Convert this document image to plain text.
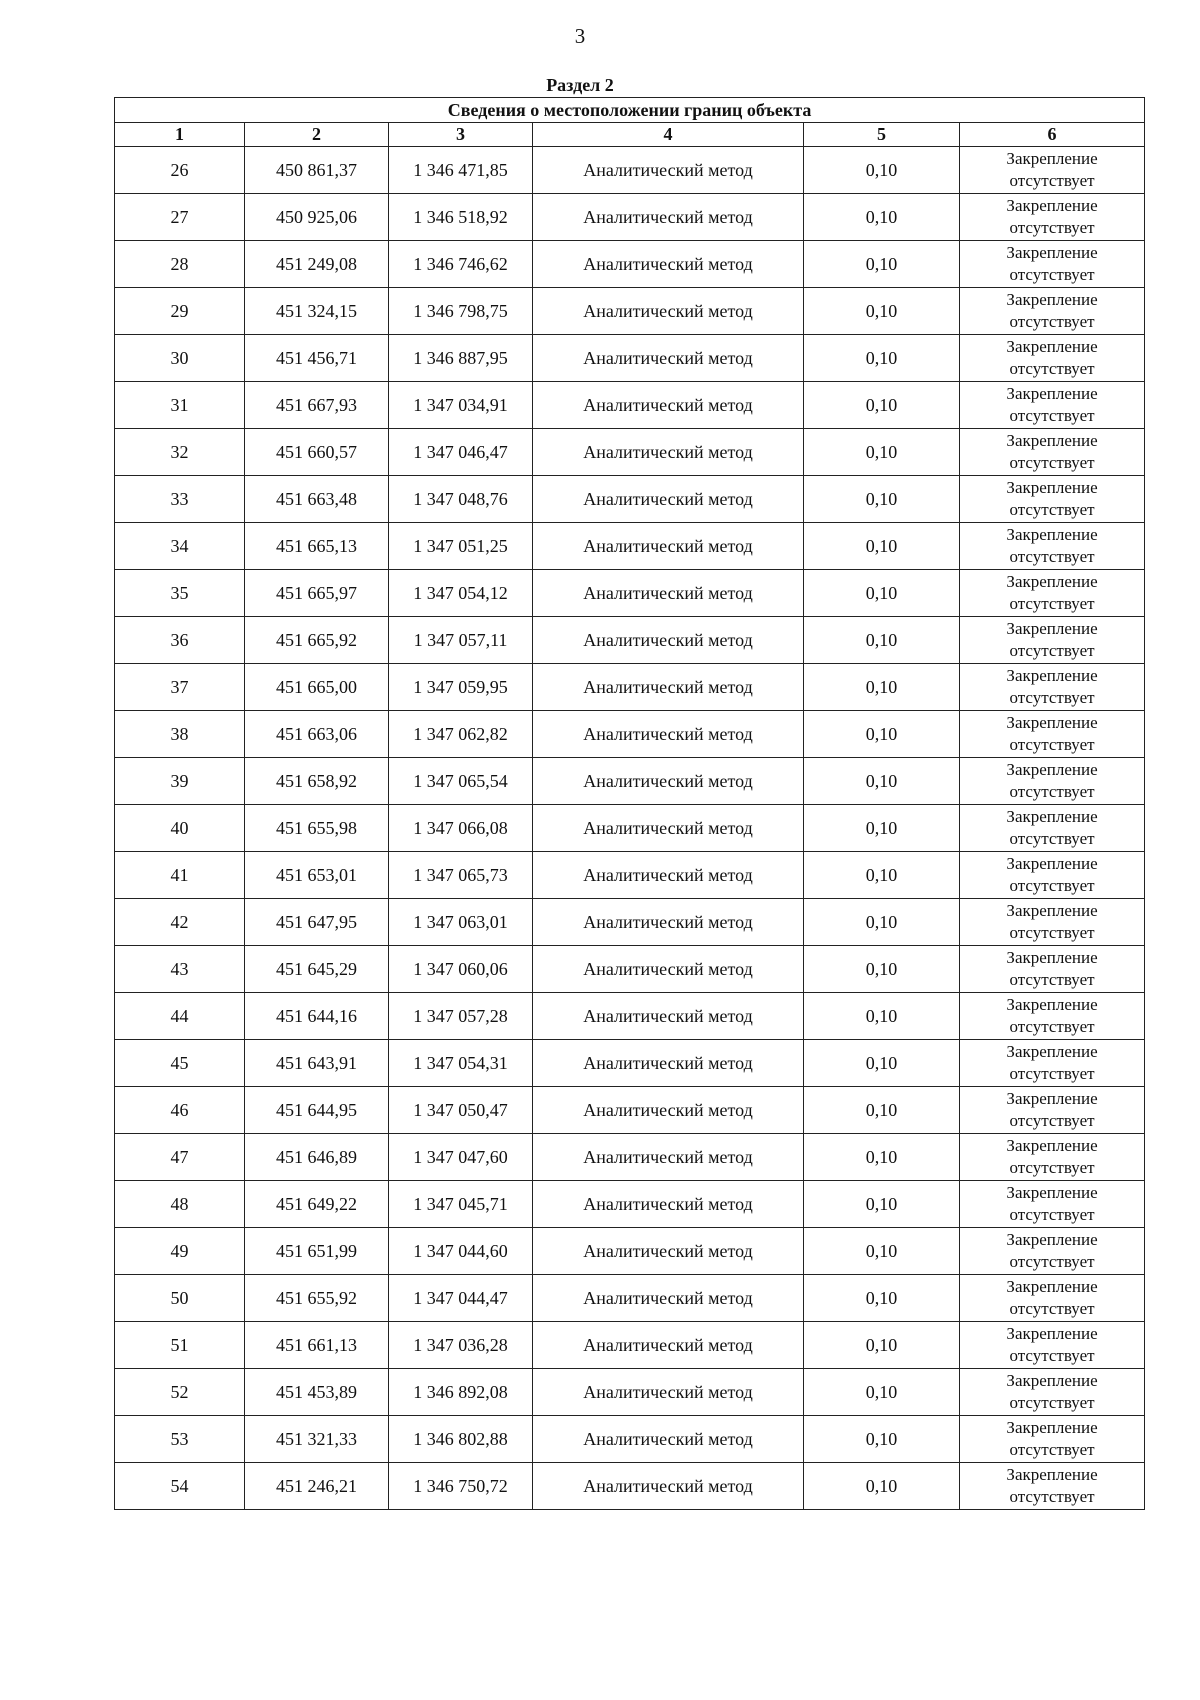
3
Раздел 2
Сведения о местоположении границ объекта					
1	2	3	4	5	6
26	450 861,37	1 346 471,85	Аналитический метод	0,10	Закрепление
отсутствует

27	450 925,06	1 346 518,92	Аналитический метод	0,10	Закрепление
отсутствует

28	451 249,08	1 346 746,62	Аналитический метод	0,10	Закрепление
отсутствует

29	451 324,15	1 346 798,75	Аналитический метод	0,10	Закрепление
отсутствует

30	451 456,71	1 346 887,95	Аналитический метод	0,10	Закрепление
отсутствует

31	451 667,93	1 347 034,91	Аналитический метод	0,10	Закрепление
отсутствует

32	451 660,57	1 347 046,47	Аналитический метод	0,10	Закрепление
отсутствует

33	451 663,48	1 347 048,76	Аналитический метод	0,10	Закрепление
отсутствует

34	451 665,13	1 347 051,25	Аналитический метод	0,10	Закрепление
отсутствует

35	451 665,97	1 347 054,12	Аналитический метод	0,10	Закрепление
отсутствует

36	451 665,92	1 347 057,11	Аналитический метод	0,10	Закрепление
отсутствует

37	451 665,00	1 347 059,95	Аналитический метод	0,10	Закрепление
отсутствует

38	451 663,06	1 347 062,82	Аналитический метод	0,10	Закрепление
отсутствует

39	451 658,92	1 347 065,54	Аналитический метод	0,10	Закрепление
отсутствует

40	451 655,98	1 347 066,08	Аналитический метод	0,10	Закрепление
отсутствует

41	451 653,01	1 347 065,73	Аналитический метод	0,10	Закрепление
отсутствует

42	451 647,95	1 347 063,01	Аналитический метод	0,10	Закрепление
отсутствует

43	451 645,29	1 347 060,06	Аналитический метод	0,10	Закрепление
отсутствует

44	451 644,16	1 347 057,28	Аналитический метод	0,10	Закрепление
отсутствует

45	451 643,91	1 347 054,31	Аналитический метод	0,10	Закрепление
отсутствует

46	451 644,95	1 347 050,47	Аналитический метод	0,10	Закрепление
отсутствует

47	451 646,89	1 347 047,60	Аналитический метод	0,10	Закрепление
отсутствует

48	451 649,22	1 347 045,71	Аналитический метод	0,10	Закрепление
отсутствует

49	451 651,99	1 347 044,60	Аналитический метод	0,10	Закрепление
отсутствует

50	451 655,92	1 347 044,47	Аналитический метод	0,10	Закрепление
отсутствует

51	451 661,13	1 347 036,28	Аналитический метод	0,10	Закрепление
отсутствует

52	451 453,89	1 346 892,08	Аналитический метод	0,10	Закрепление
отсутствует

53	451 321,33	1 346 802,88	Аналитический метод	0,10	Закрепление
отсутствует

54	451 246,21	1 346 750,72	Аналитический метод	0,10	Закрепление
отсутствует
